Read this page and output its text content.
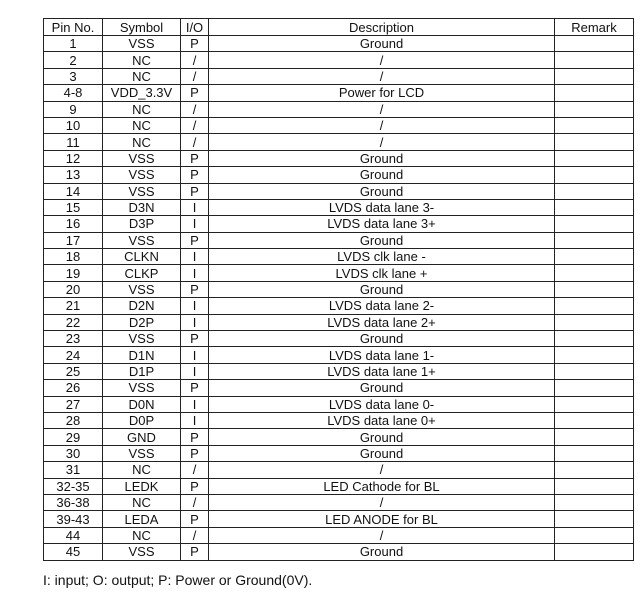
Pin No.	Symbol	I/O	Description	Remark
1	VSS	P	Ground	
2	NC	/	/	
3	NC	/	/	
4-8	VDD_3.3V	P	Power for LCD	
9	NC	/	/	
10	NC	/	/	
11	NC	/	/	
12	VSS	P	Ground	
13	VSS	P	Ground	
14	VSS	P	Ground	
15	D3N	I	LVDS data lane 3-	
16	D3P	I	LVDS data lane 3+	
17	VSS	P	Ground	
18	CLKN	I	LVDS clk lane -	
19	CLKP	I	LVDS clk lane +	
20	VSS	P	Ground	
21	D2N	I	LVDS data lane 2-	
22	D2P	I	LVDS data lane 2+	
23	VSS	P	Ground	
24	D1N	I	LVDS data lane 1-	
25	D1P	I	LVDS data lane 1+	
26	VSS	P	Ground	
27	D0N	I	LVDS data lane 0-	
28	D0P	I	LVDS data lane 0+	
29	GND	P	Ground	
30	VSS	P	Ground	
31	NC	/	/	
32-35	LEDK	P	LED Cathode for BL	
36-38	NC	/	/	
39-43	LEDA	P	LED ANODE for BL	
44	NC	/	/	
45	VSS	P	Ground	
I: input; O: output; P: Power or Ground(0V).
